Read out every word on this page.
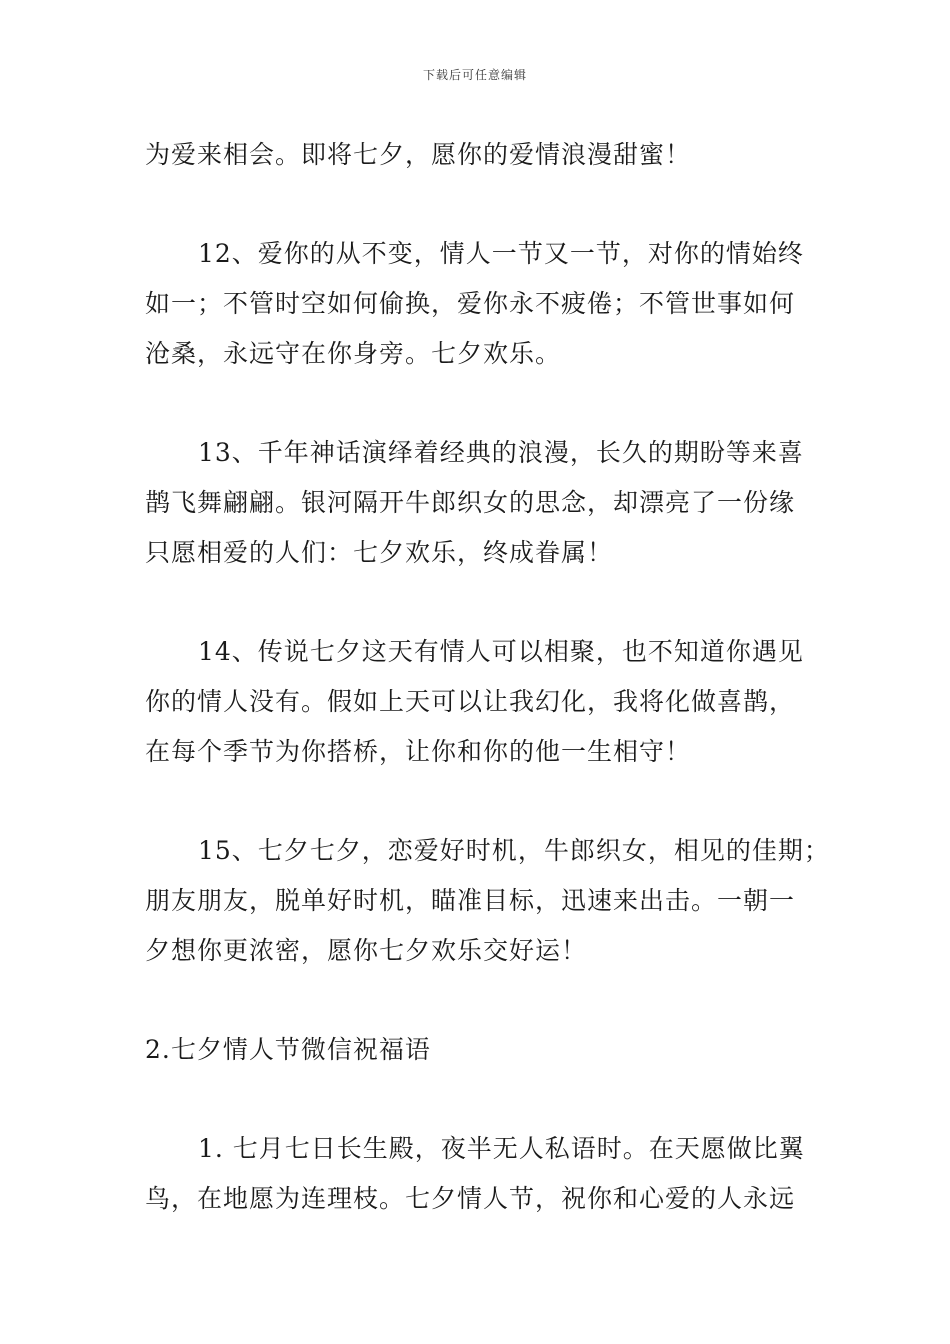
下载后可任意编辑
为爱来相会。即将七夕，愿你的爱情浪漫甜蜜！
12、爱你的从不变，情人一节又一节，对你的情始终
如一；不管时空如何偷换，爱你永不疲倦；不管世事如何
沧桑，永远守在你身旁。七夕欢乐。
13、千年神话演绎着经典的浪漫，长久的期盼等来喜
鹊飞舞翩翩。银河隔开牛郎织女的思念，却漂亮了一份缘
只愿相爱的人们：七夕欢乐，终成眷属！
14、传说七夕这天有情人可以相聚，也不知道你遇见
你的情人没有。假如上天可以让我幻化，我将化做喜鹊，
在每个季节为你搭桥，让你和你的他一生相守！
15、七夕七夕，恋爱好时机，牛郎织女，相见的佳期；
朋友朋友，脱单好时机，瞄准目标，迅速来出击。一朝一
夕想你更浓密，愿你七夕欢乐交好运！
2.七夕情人节微信祝福语
1. 七月七日长生殿，夜半无人私语时。在天愿做比翼
鸟，在地愿为连理枝。七夕情人节，祝你和心爱的人永远
